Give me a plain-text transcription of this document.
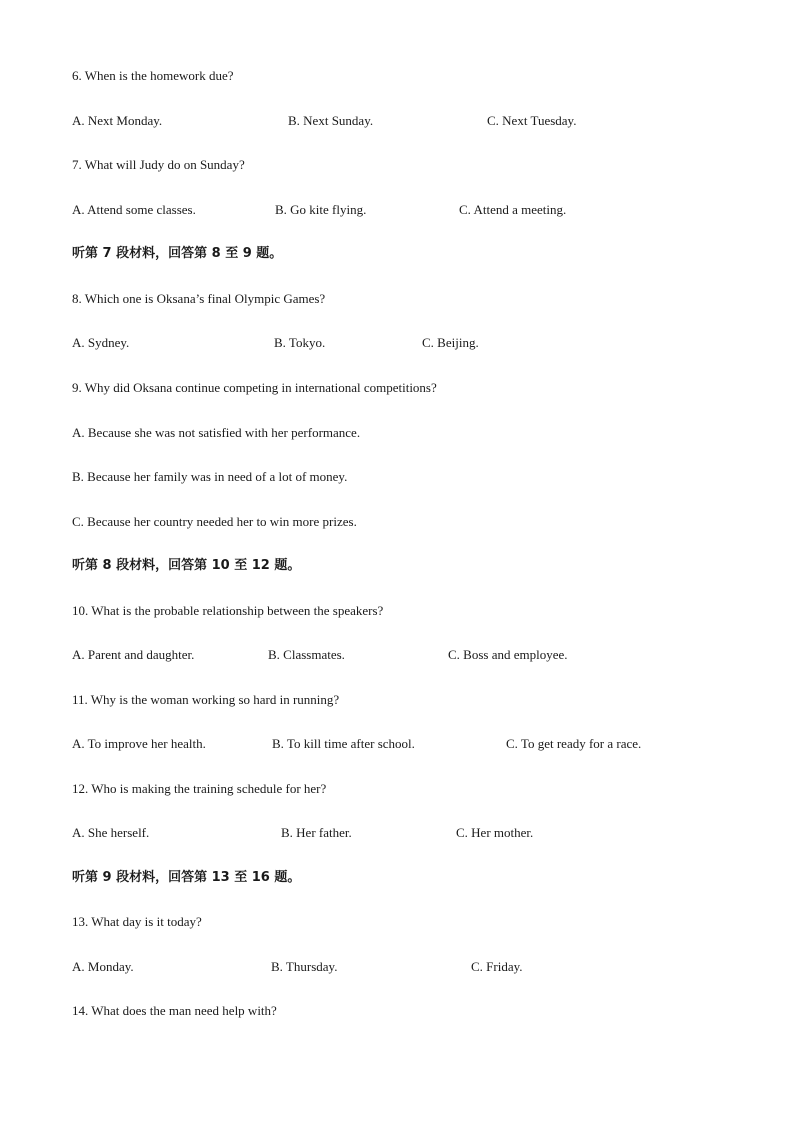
6. When is the homework due?
A. Next Monday.	B. Next Sunday.	C. Next Tuesday.
7. What will Judy do on Sunday?
A. Attend some classes.	B. Go kite flying.	C. Attend a meeting.
听第 7 段材料，回答第 8 至 9 题。
8. Which one is Oksana’s final Olympic Games?
A. Sydney.	B. Tokyo.	C. Beijing.
9. Why did Oksana continue competing in international competitions?
A. Because she was not satisfied with her performance.
B. Because her family was in need of a lot of money.
C. Because her country needed her to win more prizes.
听第 8 段材料，回答第 10 至 12 题。
10. What is the probable relationship between the speakers?
A. Parent and daughter.	B. Classmates.	C. Boss and employee.
11. Why is the woman working so hard in running?
A. To improve her health.	B. To kill time after school.	C. To get ready for a race.
12. Who is making the training schedule for her?
A. She herself.	B. Her father.	C. Her mother.
听第 9 段材料，回答第 13 至 16 题。
13. What day is it today?
A. Monday.	B. Thursday.	C. Friday.
14. What does the man need help with?
